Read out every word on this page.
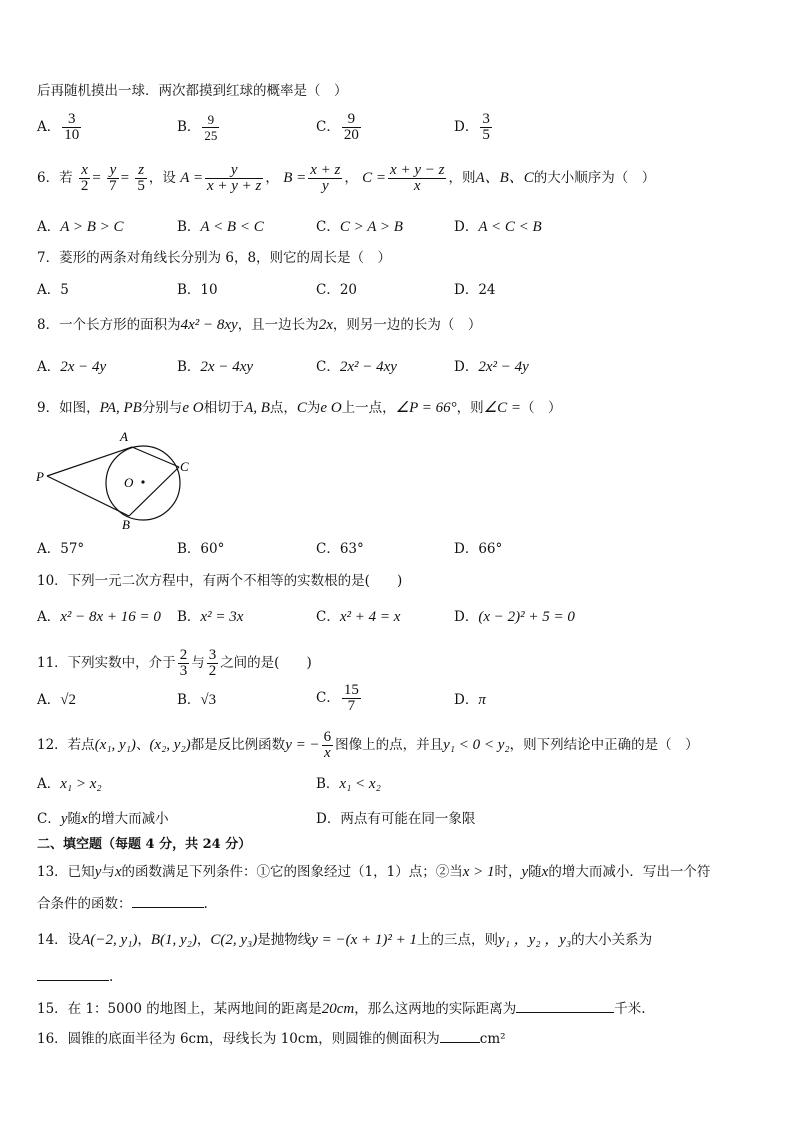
后再随机摸出一球．两次都摸到红球的概率是（　）
A． $\frac{3}{10}$	B． $\frac{9}{25}$	C． $\frac{9}{20}$	D． $\frac{3}{5}$
6．若 $\frac{x}{2} = \frac{y}{7} = \frac{z}{5}$ ，设 $A = \frac{y}{x + y + z}$ ， $B = \frac{x + z}{y}$ ， $C = \frac{x + y - z}{x}$ ，则A、B、C的大小顺序为（　）
A．A > B > C	B．A < B < C	C．C > A > B	D．A < C < B
7．菱形的两条对角线长分别为 6，8，则它的周长是（　）
A．5	B．10	C．20	D．24
8．一个长方形的面积为4x² − 8xy，且一边长为2x，则另一边的长为（　）
A．2x − 4y	B．2x − 4xy	C．2x² − 4xy	D．2x² − 4y
9．如图，PA, PB分别与e O相切于A, B点，C为e O上一点，∠P = 66°，则∠C =（　）
A
C
P	O
B
A．57°	B．60°	C．63°	D．66°
10．下列一元二次方程中，有两个不相等的实数根的是(　　)
A．x² − 8x + 16 = 0 B．x² = 3x	C．x² + 4 = x	D．(x − 2)² + 5 = 0
11．下列实数中，介于 $\frac{2}{3}$ 与 $\frac{3}{2}$ 之间的是(　　)
A．√2	B．√3	C． $\frac{15}{7}$	D．π
12．若点(x₁, y₁)、(x₂, y₂)都是反比例函数y = − $\frac{6}{x}$ 图像上的点，并且y₁ < 0 < y₂，则下列结论中正确的是（　）
A．x₁ > x₂	B．x₁ < x₂
C．y随x的增大而减小	D．两点有可能在同一象限
二、填空题（每题 4 分，共 24 分）
13．已知y与x的函数满足下列条件：①它的图象经过（1，1）点；②当x > 1时，y随x的增大而减小．写出一个符
合条件的函数：	.
14．设A(−2, y₁)，B(1, y₂)，C(2, y₃)是抛物线y = −(x + 1)² + 1上的三点，则y₁ ，y₂ ，y₃的大小关系为
.
15．在 1：5000 的地图上，某两地间的距离是20cm，那么这两地的实际距离为	千米.
16．圆锥的底面半径为 6cm，母线长为 10cm，则圆锥的侧面积为	cm²
